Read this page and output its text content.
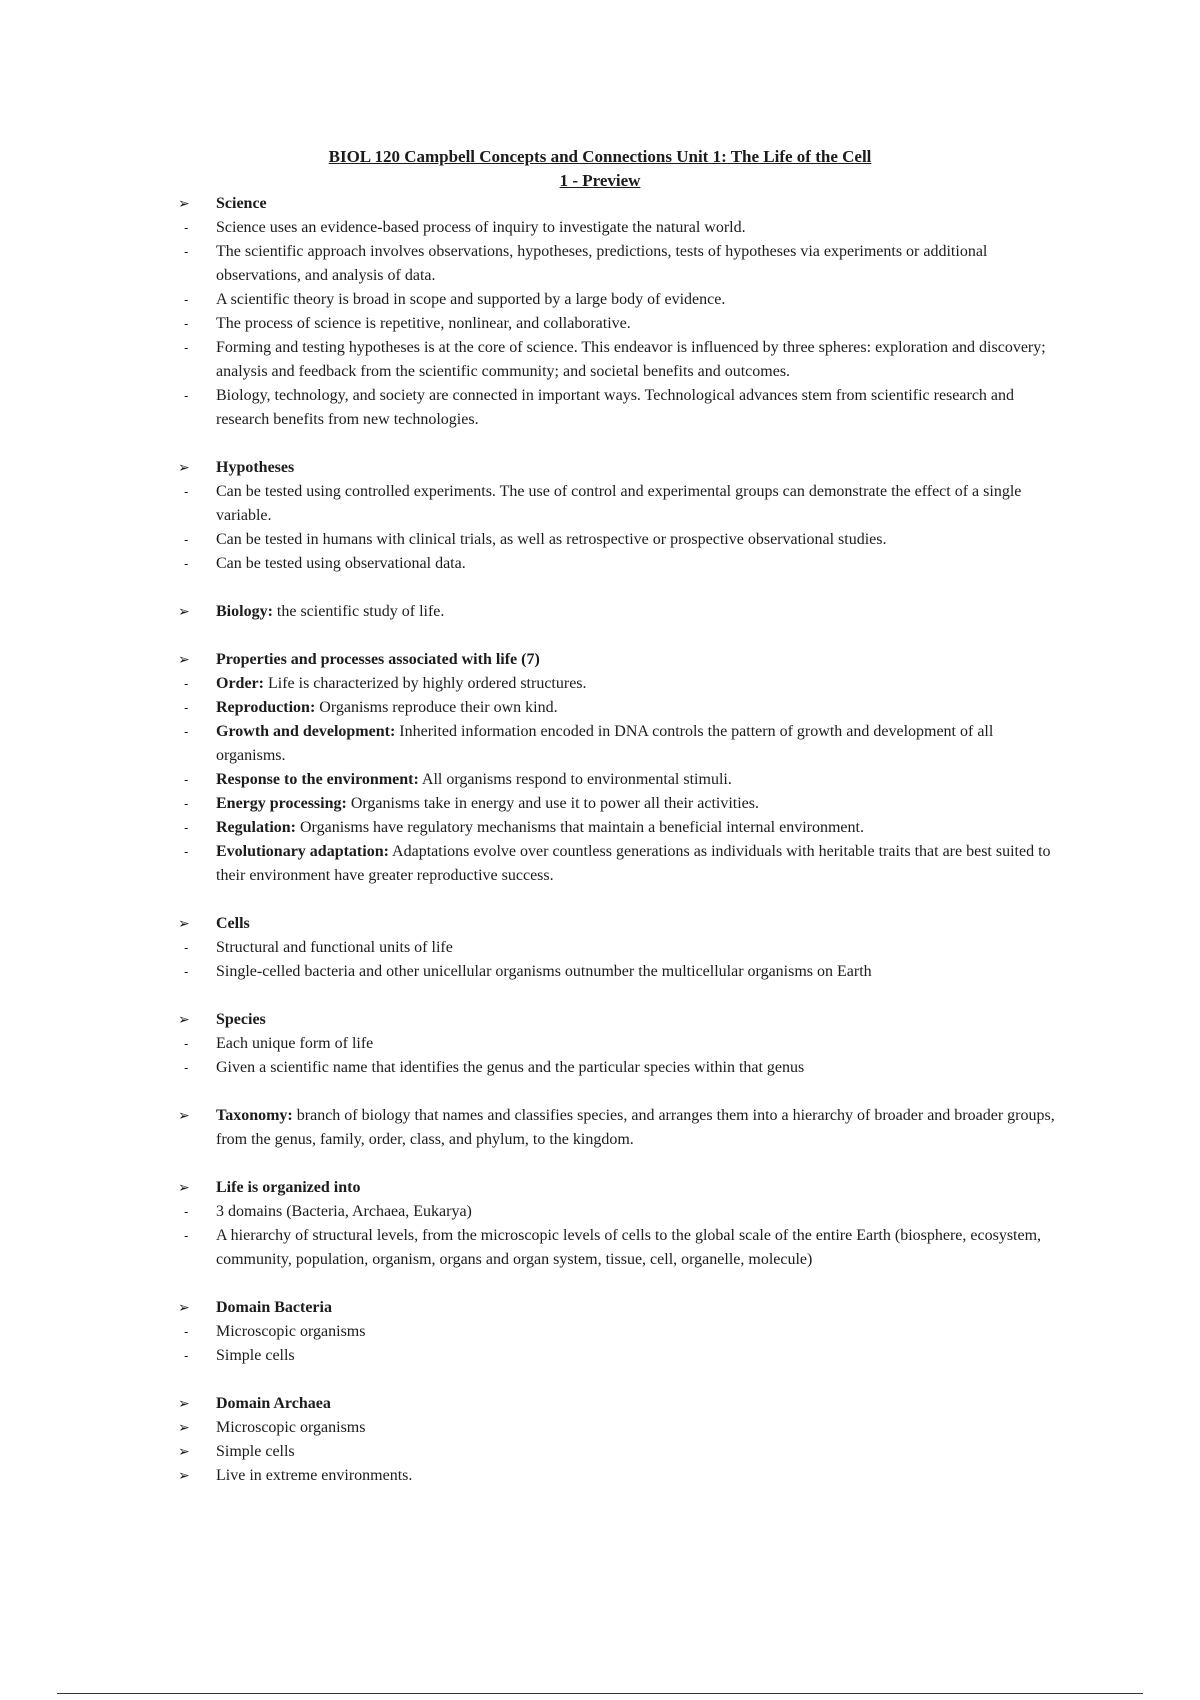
BIOL 120 Campbell Concepts and Connections Unit 1: The Life of the Cell
1 - Preview
➢	Science
-	Science uses an evidence-based process of inquiry to investigate the natural world.
-	The scientific approach involves observations, hypotheses, predictions, tests of hypotheses via experiments or additional observations, and analysis of data.
-	A scientific theory is broad in scope and supported by a large body of evidence.
-	The process of science is repetitive, nonlinear, and collaborative.
-	Forming and testing hypotheses is at the core of science. This endeavor is influenced by three spheres: exploration and discovery; analysis and feedback from the scientific community; and societal benefits and outcomes.
-	Biology, technology, and society are connected in important ways. Technological advances stem from scientific research and research benefits from new technologies.
➢	Hypotheses
-	Can be tested using controlled experiments. The use of control and experimental groups can demonstrate the effect of a single variable.
-	Can be tested in humans with clinical trials, as well as retrospective or prospective observational studies.
-	Can be tested using observational data.
➢	Biology: the scientific study of life.
➢	Properties and processes associated with life (7)
-	Order: Life is characterized by highly ordered structures.
-	Reproduction: Organisms reproduce their own kind.
-	Growth and development: Inherited information encoded in DNA controls the pattern of growth and development of all organisms.
-	Response to the environment: All organisms respond to environmental stimuli.
-	Energy processing: Organisms take in energy and use it to power all their activities.
-	Regulation: Organisms have regulatory mechanisms that maintain a beneficial internal environment.
-	Evolutionary adaptation: Adaptations evolve over countless generations as individuals with heritable traits that are best suited to their environment have greater reproductive success.
➢	Cells
-	Structural and functional units of life
-	Single-celled bacteria and other unicellular organisms outnumber the multicellular organisms on Earth
➢	Species
-	Each unique form of life
-	Given a scientific name that identifies the genus and the particular species within that genus
➢	Taxonomy: branch of biology that names and classifies species, and arranges them into a hierarchy of broader and broader groups, from the genus, family, order, class, and phylum, to the kingdom.
➢	Life is organized into
-	3 domains (Bacteria, Archaea, Eukarya)
-	A hierarchy of structural levels, from the microscopic levels of cells to the global scale of the entire Earth (biosphere, ecosystem, community, population, organism, organs and organ system, tissue, cell, organelle, molecule)
➢	Domain Bacteria
-	Microscopic organisms
-	Simple cells
➢	Domain Archaea
➢	Microscopic organisms
➢	Simple cells
➢	Live in extreme environments.
